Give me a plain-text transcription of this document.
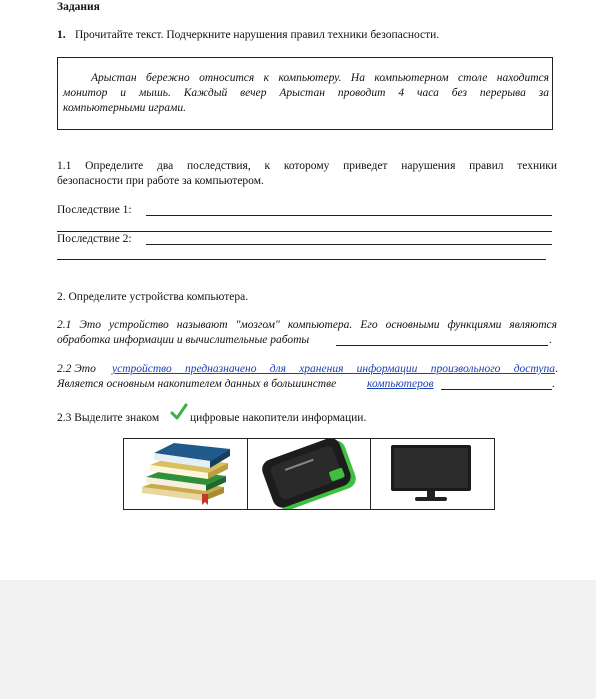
Задания
1. Прочитайте текст. Подчеркните нарушения правил техники безопасности.
Арыстан бережно относится к компьютеру. На компьютерном столе находится
монитор и мышь. Каждый вечер Арыстан проводит 4 часа без перерыва за
компьютерными играми.
1.1 Определите два последствия, к которому приведет нарушения правил техники
безопасности при работе за компьютером.
Последствие 1:
Последствие 2:
2. Определите устройства компьютера.
2.1 Это устройство называют "мозгом" компьютера. Его основными функциями являются
обработка информации и вычислительные работы	.
2.2 Это устройство предназначено для хранения информации произвольного доступа .
Является основным накопителем данных в большинстве	компьютеров	.
2.3 Выделите знаком	цифровые накопители информации.
